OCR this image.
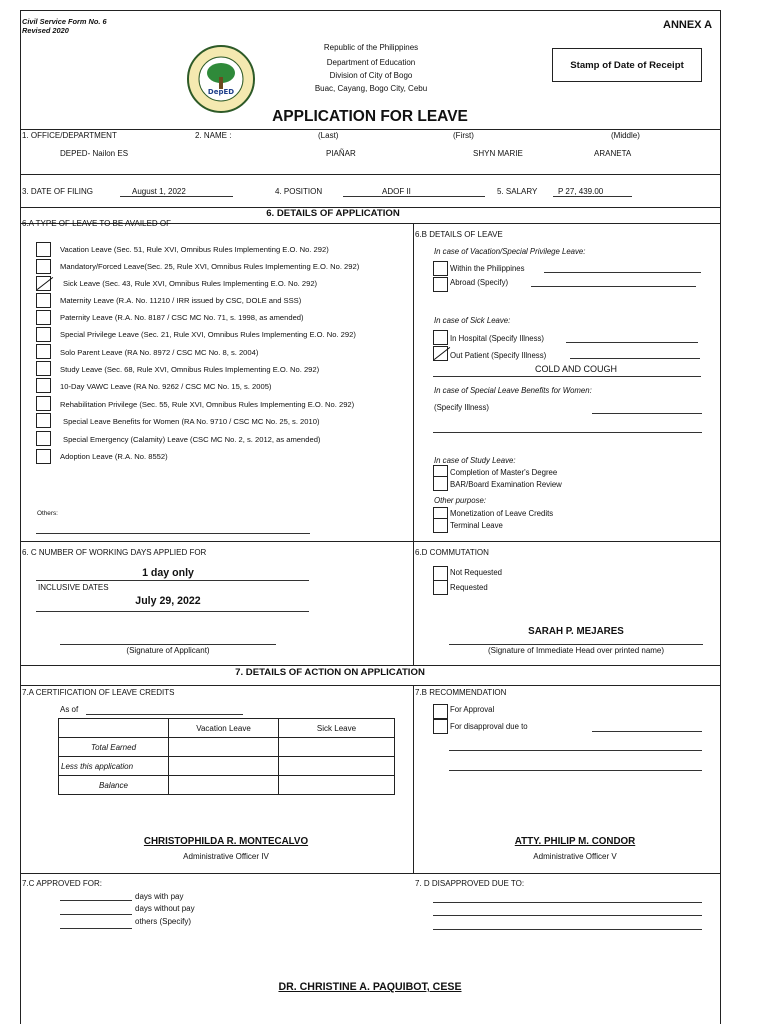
Civil Service Form No. 6
Revised 2020	ANNEX A
DepED
Republic of the Philippines
Department of Education
Division of City of Bogo
Buac, Cayang, Bogo City, Cebu
Stamp of Date of Receipt
APPLICATION FOR LEAVE
1. OFFICE/DEPARTMENT	2. NAME :	(Last)	(First)	(Middle)
DEPED- Nailon ES	PIAÑAR	SHYN MARIE	ARANETA
3. DATE OF FILING	August 1, 2022	4. POSITION	ADOF II	5. SALARY	P 27, 439.00
6. DETAILS OF APPLICATION
6.A TYPE OF LEAVE TO BE AVAILED OF
Vacation Leave (Sec. 51, Rule XVI, Omnibus Rules Implementing E.O. No. 292)
Mandatory/Forced Leave(Sec. 25, Rule XVI, Omnibus Rules Implementing E.O. No. 292)
Sick Leave (Sec. 43, Rule XVI, Omnibus Rules Implementing E.O. No. 292)
Maternity Leave (R.A. No. 11210 / IRR issued by CSC, DOLE and SSS)
Paternity Leave (R.A. No. 8187 / CSC MC No. 71, s. 1998, as amended)
Special Privilege Leave (Sec. 21, Rule XVI, Omnibus Rules Implementing E.O. No. 292)
Solo Parent Leave (RA No. 8972 / CSC MC No. 8, s. 2004)
Study Leave (Sec. 68, Rule XVI, Omnibus Rules Implementing E.O. No. 292)
10-Day VAWC Leave (RA No. 9262 / CSC MC No. 15, s. 2005)
Rehabilitation Privilege (Sec. 55, Rule XVI, Omnibus Rules Implementing E.O. No. 292)
Special Leave Benefits for Women (RA No. 9710 / CSC MC No. 25, s. 2010)
Special Emergency (Calamity) Leave (CSC MC No. 2, s. 2012, as amended)
Adoption Leave (R.A. No. 8552)
Others:
6.B DETAILS OF LEAVE
In case of Vacation/Special Privilege Leave:
Within the Philippines
Abroad (Specify)
In case of Sick Leave:
In Hospital (Specify Illness)
Out Patient (Specify Illness)
COLD AND COUGH
In case of Special Leave Benefits for Women:
(Specify Illness)
In case of Study Leave:
Completion of Master's Degree
BAR/Board Examination Review
Other purpose:
Monetization of Leave Credits
Terminal Leave
6. C NUMBER OF WORKING DAYS APPLIED FOR
1 day only
INCLUSIVE DATES
July 29, 2022
(Signature of Applicant)
6.D COMMUTATION
Not Requested
Requested
SARAH P. MEJARES
(Signature of Immediate Head over printed name)
7. DETAILS OF ACTION ON APPLICATION
7.A CERTIFICATION OF LEAVE CREDITS
As of
	Vacation Leave	Sick Leave
Total Earned		
Less this application		
Balance		
CHRISTOPHILDA R. MONTECALVO
Administrative Officer IV
7.B RECOMMENDATION
For Approval
For disapproval due to
ATTY. PHILIP M. CONDOR
Administrative Officer V
7.C APPROVED FOR:
days with pay
days without pay
others (Specify)
7. D DISAPPROVED DUE TO:
DR. CHRISTINE A. PAQUIBOT, CESE
